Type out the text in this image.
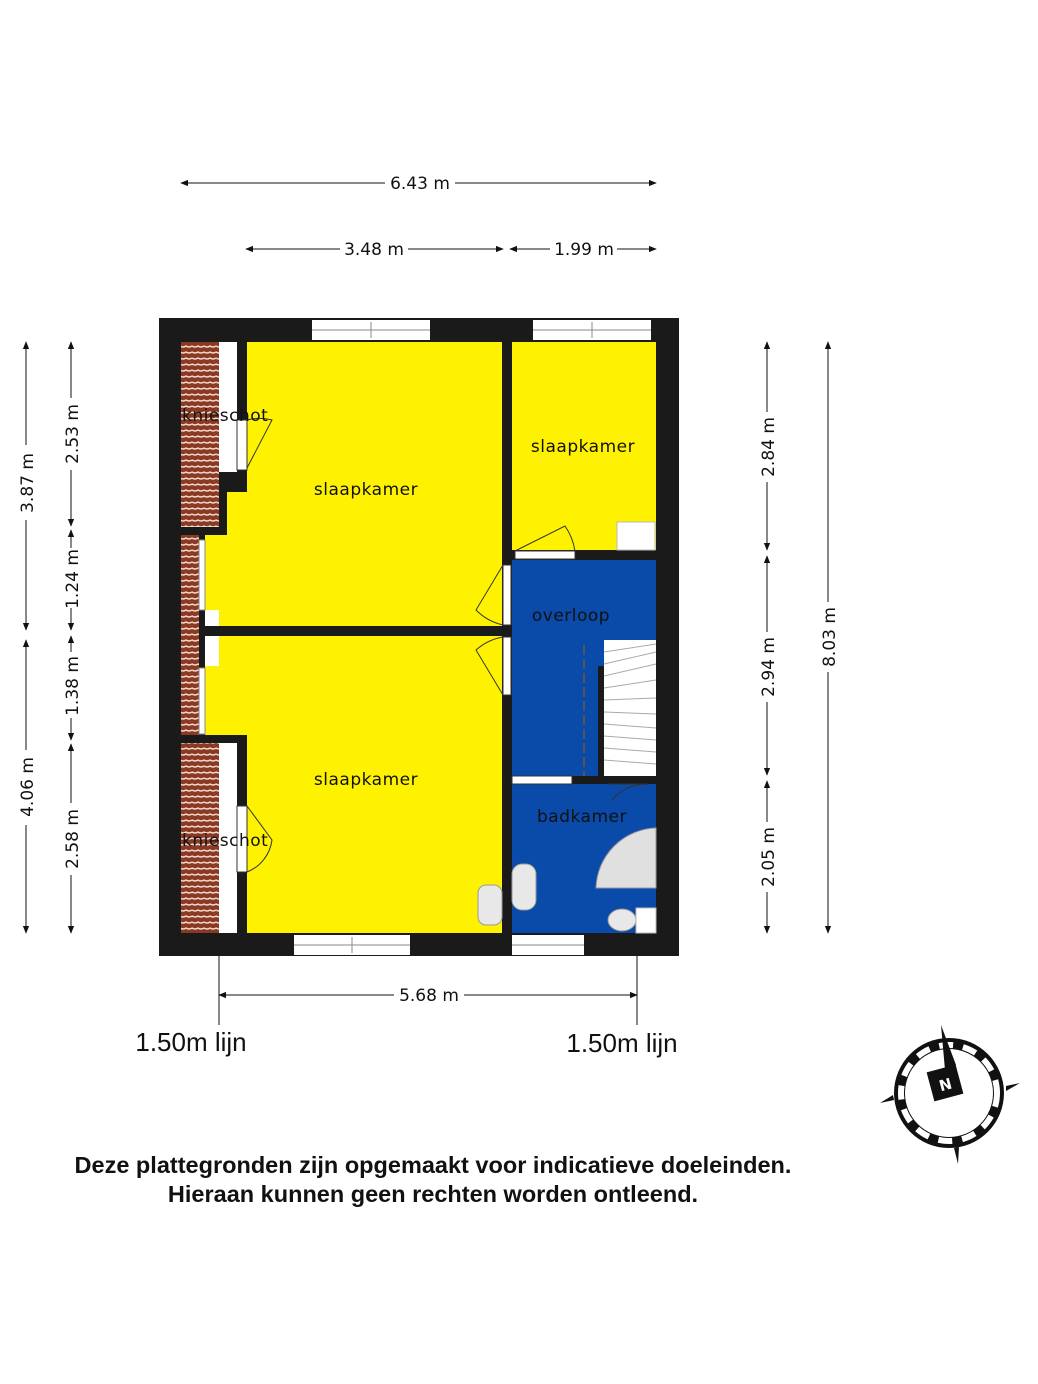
knieschot
slaapkamer
slaapkamer
overloop
slaapkamer
badkamer
knieschot
6.43 m
3.48 m	1.99 m
5.68 m
3.87 m
4.06 m
2.53 m
1.24 m
1.38 m
2.58 m
2.84 m
2.94 m
2.05 m
8.03 m
1.50m lijn	1.50m lijn
N
Deze plattegronden zijn opgemaakt voor indicatieve doeleinden.
Hieraan kunnen geen rechten worden ontleend.
